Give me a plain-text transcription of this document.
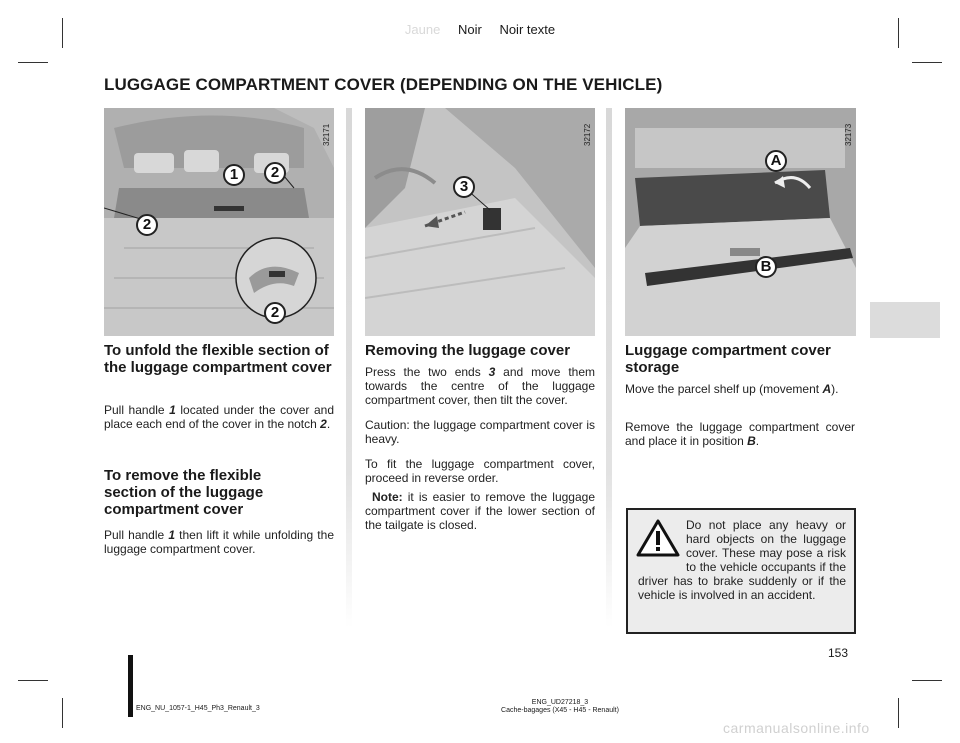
Jaune Noir Noir texte
LUGGAGE COMPARTMENT COVER (DEPENDING ON THE VEHICLE)
1	2
2
2
32171
3
32172
A
B
32173
To unfold the flexible section of the luggage compartment cover
Pull handle 1 located under the cover and place each end of the cover in the notch 2.
To remove the flexible section of the luggage compartment cover
Pull handle 1 then lift it while unfolding the luggage compartment cover.
Removing the luggage cover
Press the two ends 3 and move them towards the centre of the luggage compartment cover, then tilt the cover.
Caution: the luggage compartment cover is heavy.
To fit the luggage compartment cover, proceed in reverse order.
Note: it is easier to remove the luggage compartment cover if the lower section of the tailgate is closed.
Luggage compartment cover storage
Move the parcel shelf up (movement A).
Remove the luggage compartment cover and place it in position B.
Do not place any heavy or hard objects on the luggage cover. These may pose a risk to the vehicle occupants if the driver has to brake suddenly or if the vehicle is involved in an accident.
153
ENG_NU_1057-1_H45_Ph3_Renault_3
ENG_UD27218_3
Cache-bagages (X45 - H45 - Renault)
carmanualsonline.info
